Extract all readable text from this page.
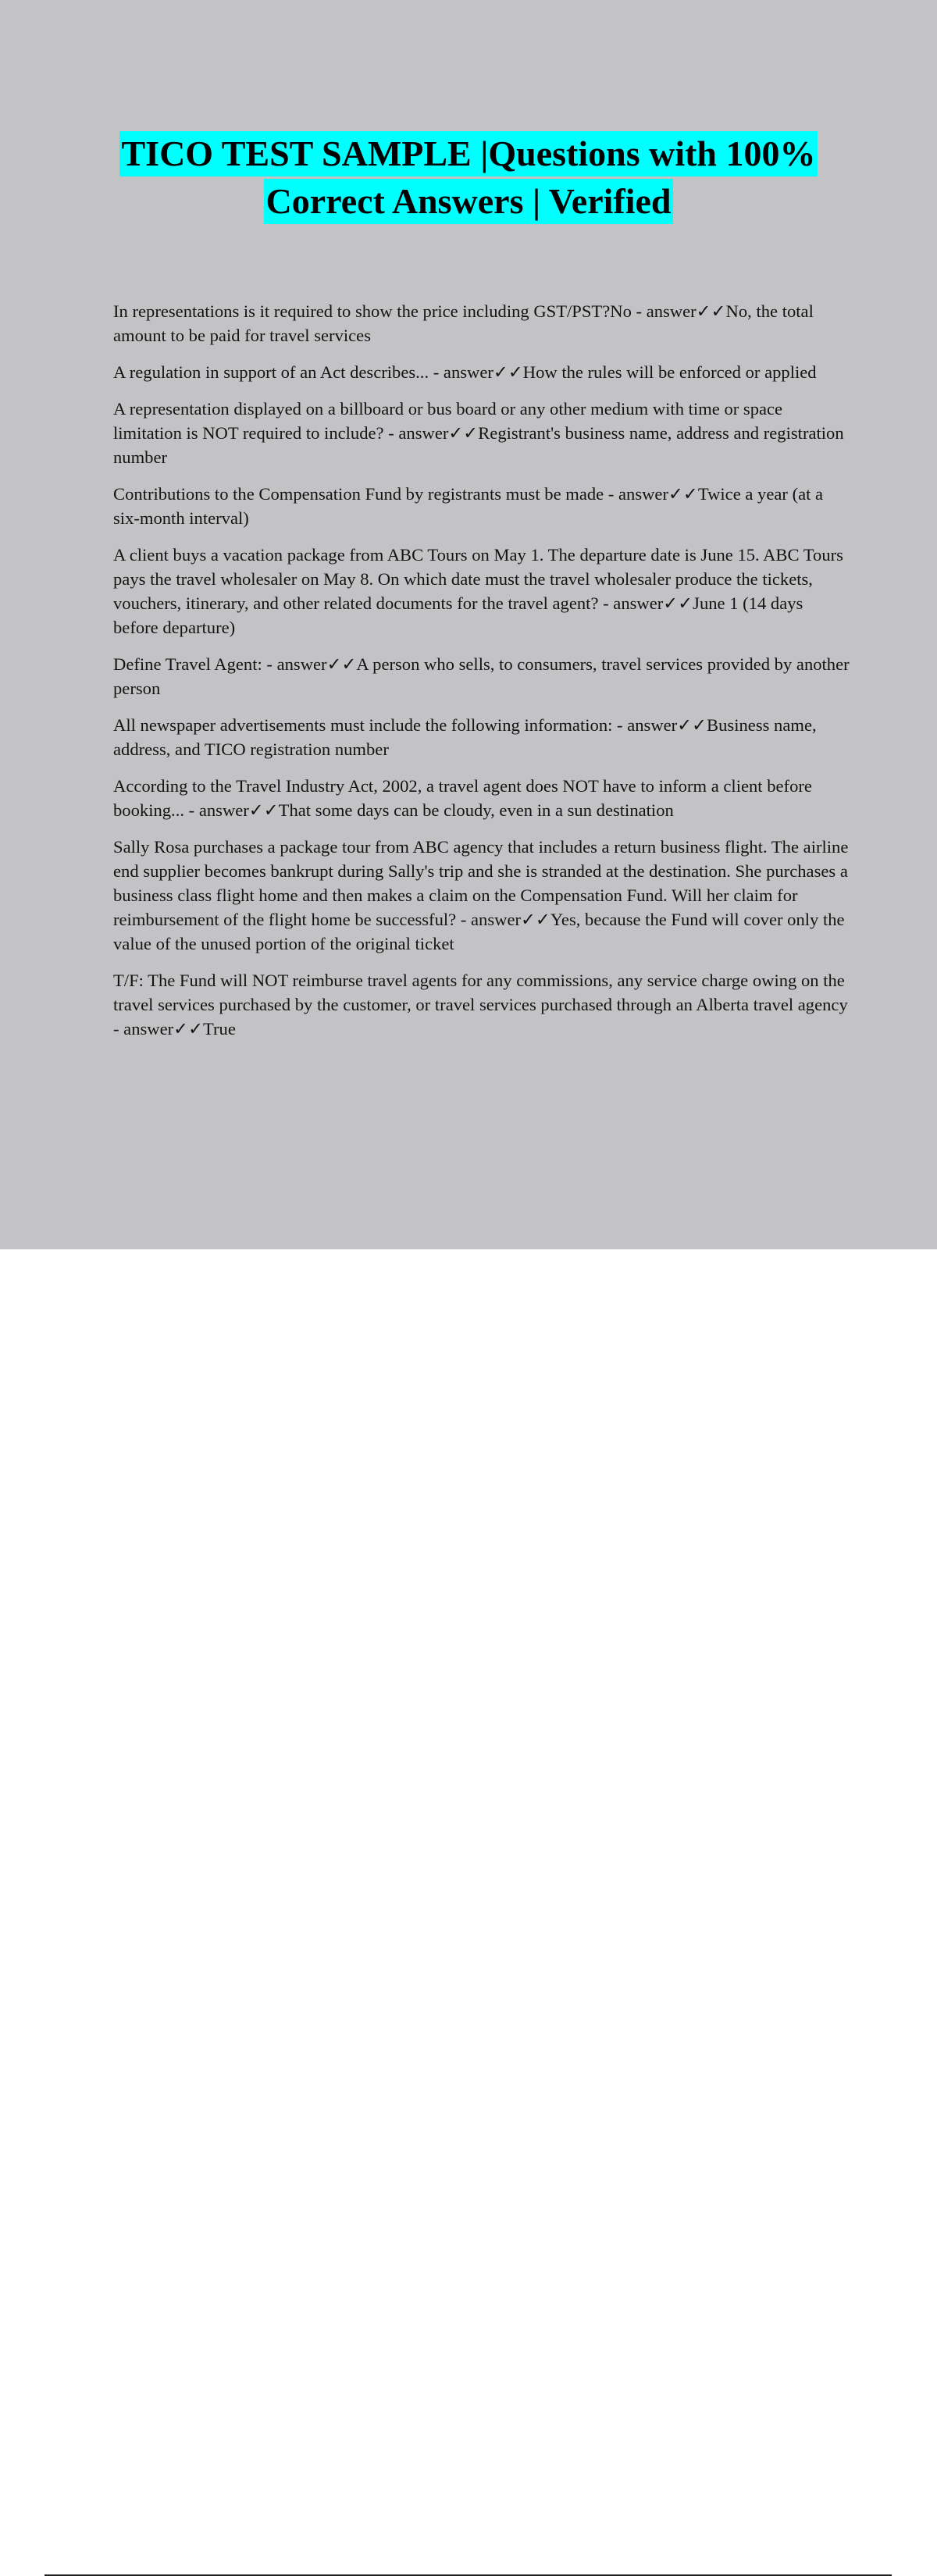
TICO TEST SAMPLE |Questions with 100%
Correct Answers | Verified

In representations is it required to show the price including GST/PST?No - answer✓✓No, the total amount to be paid for travel services

A regulation in support of an Act describes... - answer✓✓How the rules will be enforced or applied

A representation displayed on a billboard or bus board or any other medium with time or space limitation is NOT required to include? - answer✓✓Registrant's business name, address and registration number

Contributions to the Compensation Fund by registrants must be made - answer✓✓Twice a year (at a six-month interval)

A client buys a vacation package from ABC Tours on May 1. The departure date is June 15. ABC Tours pays the travel wholesaler on May 8. On which date must the travel wholesaler produce the tickets, vouchers, itinerary, and other related documents for the travel agent? - answer✓✓June 1 (14 days before departure)

Define Travel Agent: - answer✓✓A person who sells, to consumers, travel services provided by another person

All newspaper advertisements must include the following information: - answer✓✓Business name, address, and TICO registration number

According to the Travel Industry Act, 2002, a travel agent does NOT have to inform a client before booking... - answer✓✓That some days can be cloudy, even in a sun destination

Sally Rosa purchases a package tour from ABC agency that includes a return business flight. The airline end supplier becomes bankrupt during Sally's trip and she is stranded at the destination. She purchases a business class flight home and then makes a claim on the Compensation Fund. Will her claim for reimbursement of the flight home be successful? - answer✓✓Yes, because the Fund will cover only the value of the unused portion of the original ticket

T/F: The Fund will NOT reimburse travel agents for any commissions, any service charge owing on the travel services purchased by the customer, or travel services purchased through an Alberta travel agency - answer✓✓True
